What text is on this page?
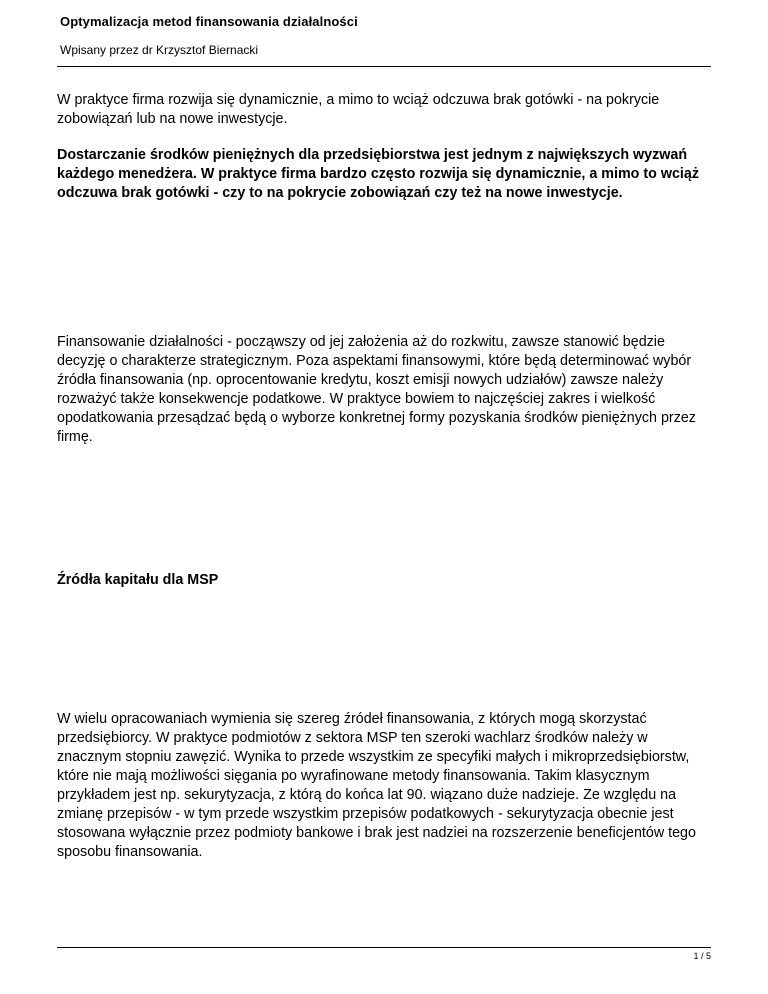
Optymalizacja metod finansowania działalności
Wpisany przez dr Krzysztof Biernacki

W praktyce firma rozwija się dynamicznie, a mimo to wciąż odczuwa brak gotówki - na pokrycie zobowiązań lub na nowe inwestycje.

Dostarczanie środków pieniężnych dla przedsiębiorstwa jest jednym z największych wyzwań każdego menedżera. W praktyce firma bardzo często rozwija się dynamicznie, a mimo to wciąż odczuwa brak gotówki - czy to na pokrycie zobowiązań czy też na nowe inwestycje.

Finansowanie działalności - począwszy od jej założenia aż do rozkwitu, zawsze stanowić będzie decyzję o charakterze strategicznym. Poza aspektami finansowymi, które będą determinować wybór źródła finansowania (np. oprocentowanie kredytu, koszt emisji nowych udziałów) zawsze należy rozważyć także konsekwencje podatkowe. W praktyce bowiem to najczęściej zakres i wielkość opodatkowania przesądzać będą o wyborze konkretnej formy pozyskania środków pieniężnych przez firmę.

Źródła kapitału dla MSP

W wielu opracowaniach wymienia się szereg źródeł finansowania, z których mogą skorzystać przedsiębiorcy. W praktyce podmiotów z sektora MSP ten szeroki wachlarz środków należy w znacznym stopniu zawęzić. Wynika to przede wszystkim ze specyfiki małych i mikroprzedsiębiorstw, które nie mają możliwości sięgania po wyrafinowane metody finansowania. Takim klasycznym przykładem jest np. sekurytyzacja, z którą do końca lat 90. wiązano duże nadzieje. Ze względu na zmianę przepisów - w tym przede wszystkim przepisów podatkowych - sekurytyzacja obecnie jest stosowana wyłącznie przez podmioty bankowe i brak jest nadziei na rozszerzenie beneficjentów tego sposobu finansowania.

1 / 5
